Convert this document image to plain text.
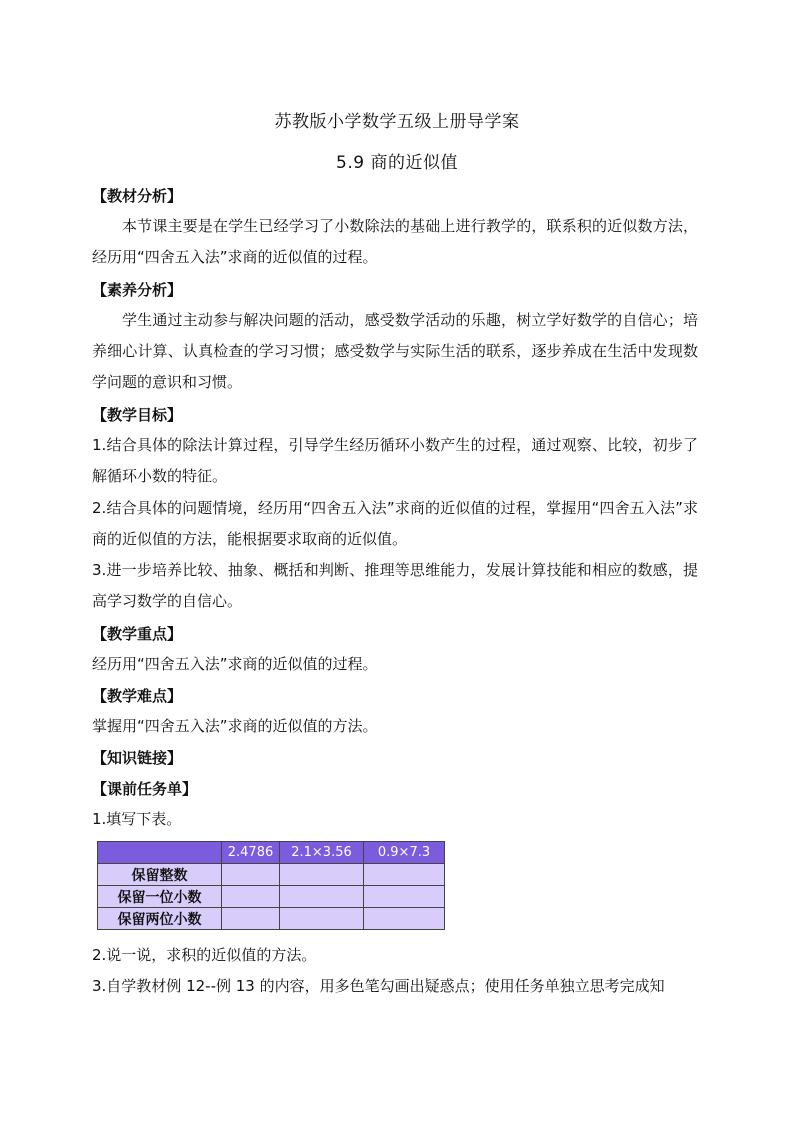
苏教版小学数学五级上册导学案
5.9 商的近似值
【教材分析】
本节课主要是在学生已经学习了小数除法的基础上进行教学的，联系积的近似数方法，经历用“四舍五入法”求商的近似值的过程。
【素养分析】
学生通过主动参与解决问题的活动，感受数学活动的乐趣，树立学好数学的自信心；培养细心计算、认真检查的学习习惯；感受数学与实际生活的联系，逐步养成在生活中发现数学问题的意识和习惯。
【教学目标】
1.结合具体的除法计算过程，引导学生经历循环小数产生的过程，通过观察、比较，初步了解循环小数的特征。
2.结合具体的问题情境，经历用“四舍五入法”求商的近似值的过程，掌握用“四舍五入法”求商的近似值的方法，能根据要求取商的近似值。
3.进一步培养比较、抽象、概括和判断、推理等思维能力，发展计算技能和相应的数感，提高学习数学的自信心。
【教学重点】
经历用“四舍五入法”求商的近似值的过程。
【教学难点】
掌握用“四舍五入法”求商的近似值的方法。
【知识链接】
【课前任务单】
1.填写下表。
	2.4786	2.1×3.56	0.9×7.3
保留整数			
保留一位小数			
保留两位小数			
2.说一说，求积的近似值的方法。
3.自学教材例 12--例 13 的内容，用多色笔勾画出疑惑点；使用任务单独立思考完成知
